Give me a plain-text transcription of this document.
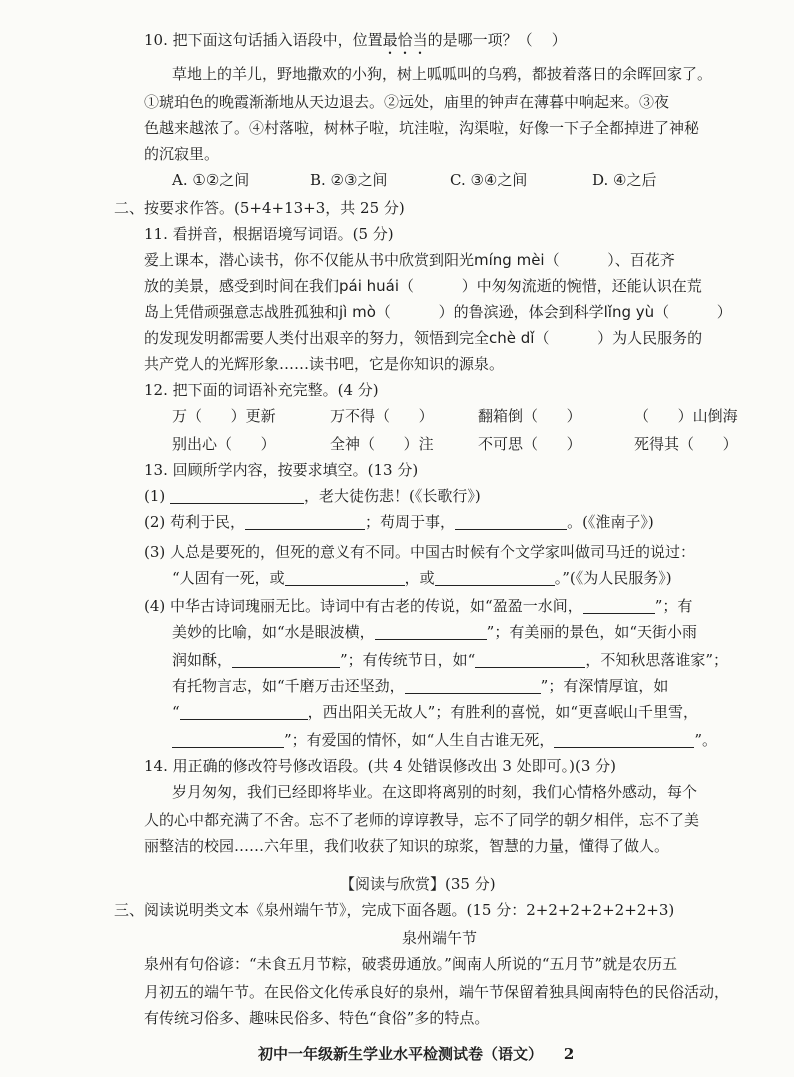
10. 把下面这句话插入语段中，位置最恰当的是哪一项？（    ）
草地上的羊儿，野地撒欢的小狗，树上呱呱叫的乌鸦，都披着落日的余晖回家了。
①琥珀色的晚霞渐渐地从天边退去。②远处，庙里的钟声在薄暮中响起来。③夜
色越来越浓了。④村落啦，树林子啦，坑洼啦，沟渠啦，好像一下子全都掉进了神秘
的沉寂里。
A. ①②之间	B. ②③之间	C. ③④之间	D. ④之后
二、按要求作答。(5+4+13+3，共 25 分)
11. 看拼音，根据语境写词语。(5 分)
爱上课本，潜心读书，你不仅能从书中欣赏到阳光míng mèi（          ）、百花齐
放的美景，感受到时间在我们pái huái（          ）中匆匆流逝的惋惜，还能认识在荒
岛上凭借顽强意志战胜孤独和jì mò（          ）的鲁滨逊，体会到科学lǐng yù（          ）
的发现发明都需要人类付出艰辛的努力，领悟到完全chè dǐ（          ）为人民服务的
共产党人的光辉形象……读书吧，它是你知识的源泉。
12. 把下面的词语补充完整。(4 分)
万（      ）更新	万不得（      ）	翻箱倒（      ）	（      ）山倒海
别出心（      ）	全神（      ）注	不可思（      ）	死得其（      ）
13. 回顾所学内容，按要求填空。(13 分)
(1)	，老大徒伤悲！(《长歌行》)
(2) 苟利于民，	；苟周于事，	。(《淮南子》)
(3) 人总是要死的，但死的意义有不同。中国古时候有个文学家叫做司马迁的说过：
“人固有一死，或	，或	。”(《为人民服务》)
(4) 中华古诗词瑰丽无比。诗词中有古老的传说，如“盈盈一水间，	”；有
美妙的比喻，如“水是眼波横，	”；有美丽的景色，如“天街小雨
润如酥，	”；有传统节日，如“	，不知秋思落谁家”；
有托物言志，如“千磨万击还坚劲，	”；有深情厚谊，如
“	，西出阳关无故人”；有胜利的喜悦，如“更喜岷山千里雪，
”；有爱国的情怀，如“人生自古谁无死，	”。
14. 用正确的修改符号修改语段。(共 4 处错误修改出 3 处即可。)(3 分)
岁月匆匆，我们已经即将毕业。在这即将离别的时刻，我们心情格外感动，每个
人的心中都充满了不舍。忘不了老师的谆谆教导，忘不了同学的朝夕相伴，忘不了美
丽整洁的校园……六年里，我们收获了知识的琼浆，智慧的力量，懂得了做人。
【阅读与欣赏】(35 分)
三、阅读说明类文本《泉州端午节》，完成下面各题。(15 分：2+2+2+2+2+2+3)
泉州端午节
泉州有句俗谚：“未食五月节粽，破裘毋通放。”闽南人所说的“五月节”就是农历五
月初五的端午节。在民俗文化传承良好的泉州，端午节保留着独具闽南特色的民俗活动，
有传统习俗多、趣味民俗多、特色“食俗”多的特点。
初中一年级新生学业水平检测试卷（语文） 2
